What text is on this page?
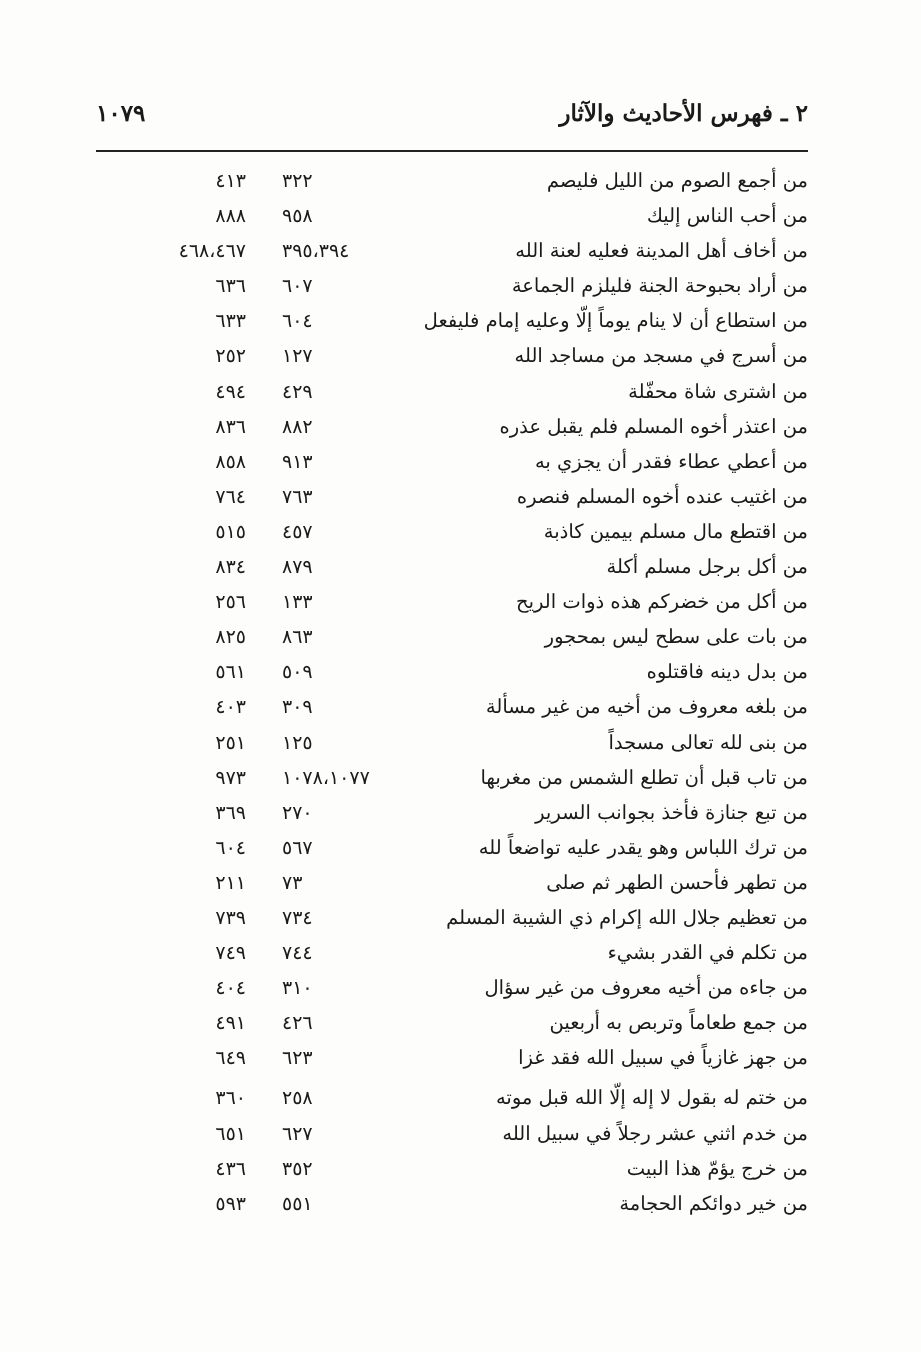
٢ ـ فهرس الأحاديث والآثار
١٠٧٩
من أجمع الصوم من الليل فليصم
٣٢٢
٤١٣
من أحب الناس إليك
٩٥٨
٨٨٨
من أخاف أهل المدينة فعليه لعنة الله
٣٩٥،٣٩٤
٤٦٨،٤٦٧
من أراد بحبوحة الجنة فليلزم الجماعة
٦٠٧
٦٣٦
من استطاع أن لا ينام يوماً إلّا وعليه إمام فليفعل
٦٠٤
٦٣٣
من أسرج في مسجد من مساجد الله
١٢٧
٢٥٢
من اشترى شاة محفّلة
٤٢٩
٤٩٤
من اعتذر أخوه المسلم فلم يقبل عذره
٨٨٢
٨٣٦
من أعطي عطاء فقدر أن يجزي به
٩١٣
٨٥٨
من اغتيب عنده أخوه المسلم فنصره
٧٦٣
٧٦٤
من اقتطع مال مسلم بيمين كاذبة
٤٥٧
٥١٥
من أكل برجل مسلم أكلة
٨٧٩
٨٣٤
من أكل من خضركم هذه ذوات الريح
١٣٣
٢٥٦
من بات على سطح ليس بمحجور
٨٦٣
٨٢٥
من بدل دينه فاقتلوه
٥٠٩
٥٦١
من بلغه معروف من أخيه من غير مسألة
٣٠٩
٤٠٣
من بنى لله تعالى مسجداً
١٢٥
٢٥١
من تاب قبل أن تطلع الشمس من مغربها
١٠٧٨،١٠٧٧
٩٧٣
من تبع جنازة فأخذ بجوانب السرير
٢٧٠
٣٦٩
من ترك اللباس وهو يقدر عليه تواضعاً لله
٥٦٧
٦٠٤
من تطهر فأحسن الطهر ثم صلى
٧٣
٢١١
من تعظيم جلال الله إكرام ذي الشيبة المسلم
٧٣٤
٧٣٩
من تكلم في القدر بشيء
٧٤٤
٧٤٩
من جاءه من أخيه معروف من غير سؤال
٣١٠
٤٠٤
من جمع طعاماً وتربص به أربعين
٤٢٦
٤٩١
من جهز غازياً في سبيل الله فقد غزا
٦٢٣
٦٤٩
من ختم له بقول لا إله إلّا الله قبل موته
٢٥٨
٣٦٠
من خدم اثني عشر رجلاً في سبيل الله
٦٢٧
٦٥١
من خرج يؤمّ هذا البيت
٣٥٢
٤٣٦
من خير دوائكم الحجامة
٥٥١
٥٩٣
